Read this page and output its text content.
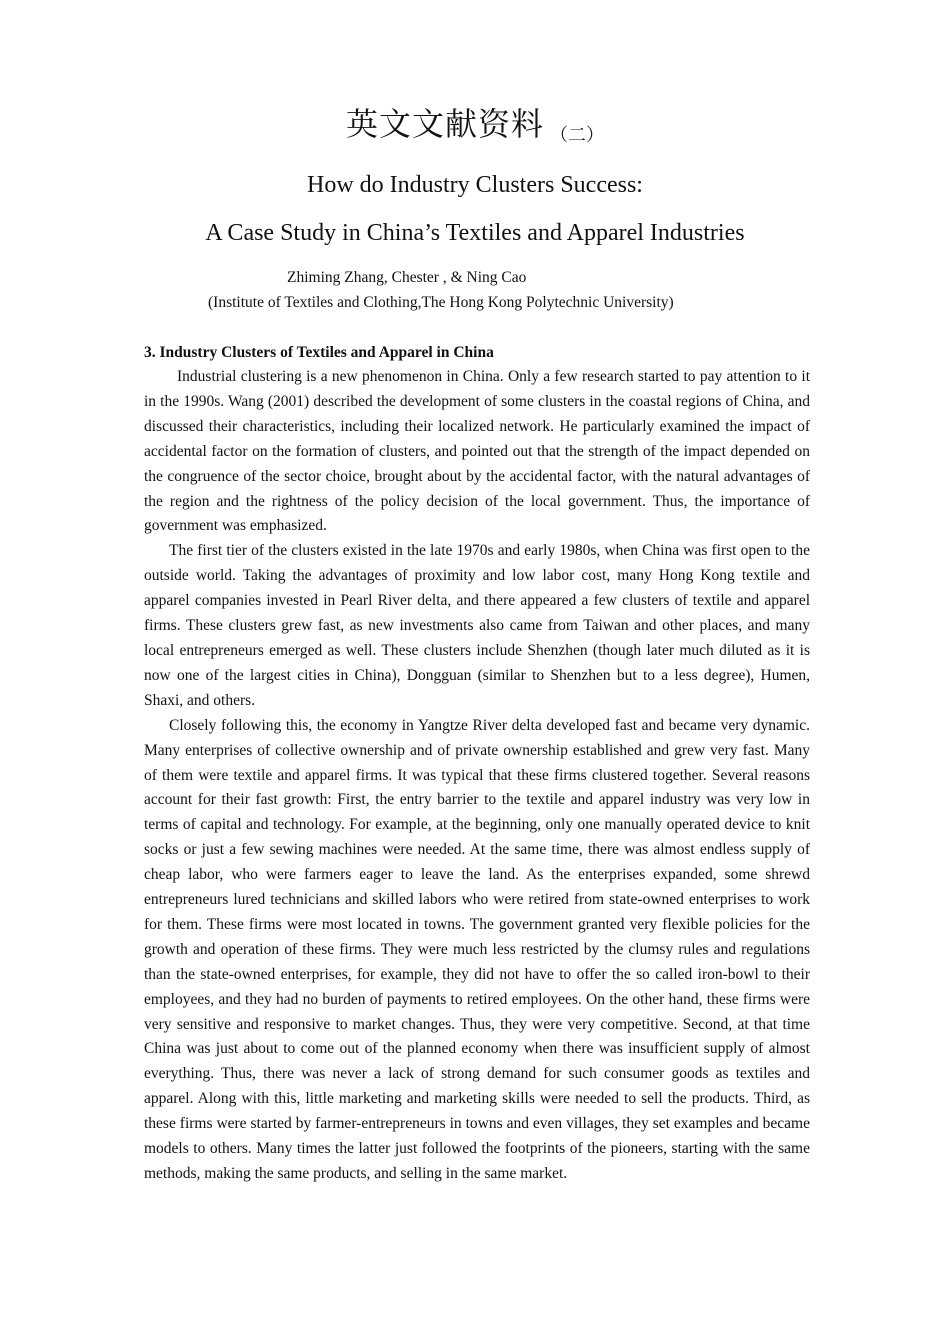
英文文献资料 $_{(二)}$
How do Industry Clusters Success:
A Case Study in China’s Textiles and Apparel Industries
Zhiming Zhang, Chester , & Ning Cao
(Institute of Textiles and Clothing,The Hong Kong Polytechnic University)
3. Industry Clusters of Textiles and Apparel in China

Industrial clustering is a new phenomenon in China. Only a few research started to pay attention to it in the 1990s. Wang (2001) described the development of some clusters in the coastal regions of China, and discussed their characteristics, including their localized network. He particularly examined the impact of accidental factor on the formation of clusters, and pointed out that the strength of the impact depended on the congruence of the sector choice, brought about by the accidental factor, with the natural advantages of the region and the rightness of the policy decision of the local government. Thus, the importance of government was emphasized.

The first tier of the clusters existed in the late 1970s and early 1980s, when China was first open to the outside world. Taking the advantages of proximity and low labor cost, many Hong Kong textile and apparel companies invested in Pearl River delta, and there appeared a few clusters of textile and apparel firms. These clusters grew fast, as new investments also came from Taiwan and other places, and many local entrepreneurs emerged as well. These clusters include Shenzhen (though later much diluted as it is now one of the largest cities in China), Dongguan (similar to Shenzhen but to a less degree), Humen, Shaxi, and others.

Closely following this, the economy in Yangtze River delta developed fast and became very dynamic. Many enterprises of collective ownership and of private ownership established and grew very fast. Many of them were textile and apparel firms. It was typical that these firms clustered together. Several reasons account for their fast growth: First, the entry barrier to the textile and apparel industry was very low in terms of capital and technology. For example, at the beginning, only one manually operated device to knit socks or just a few sewing machines were needed. At the same time, there was almost endless supply of cheap labor, who were farmers eager to leave the land. As the enterprises expanded, some shrewd entrepreneurs lured technicians and skilled labors who were retired from state-owned enterprises to work for them. These firms were most located in towns. The government granted very flexible policies for the growth and operation of these firms. They were much less restricted by the clumsy rules and regulations than the state-owned enterprises, for example, they did not have to offer the so called iron-bowl to their employees, and they had no burden of payments to retired employees. On the other hand, these firms were very sensitive and responsive to market changes. Thus, they were very competitive. Second, at that time China was just about to come out of the planned economy when there was insufficient supply of almost everything. Thus, there was never a lack of strong demand for such consumer goods as textiles and apparel. Along with this, little marketing and marketing skills were needed to sell the products. Third, as these firms were started by farmer-entrepreneurs in towns and even villages, they set examples and became models to others. Many times the latter just followed the footprints of the pioneers, starting with the same methods, making the same products, and selling in the same market.
